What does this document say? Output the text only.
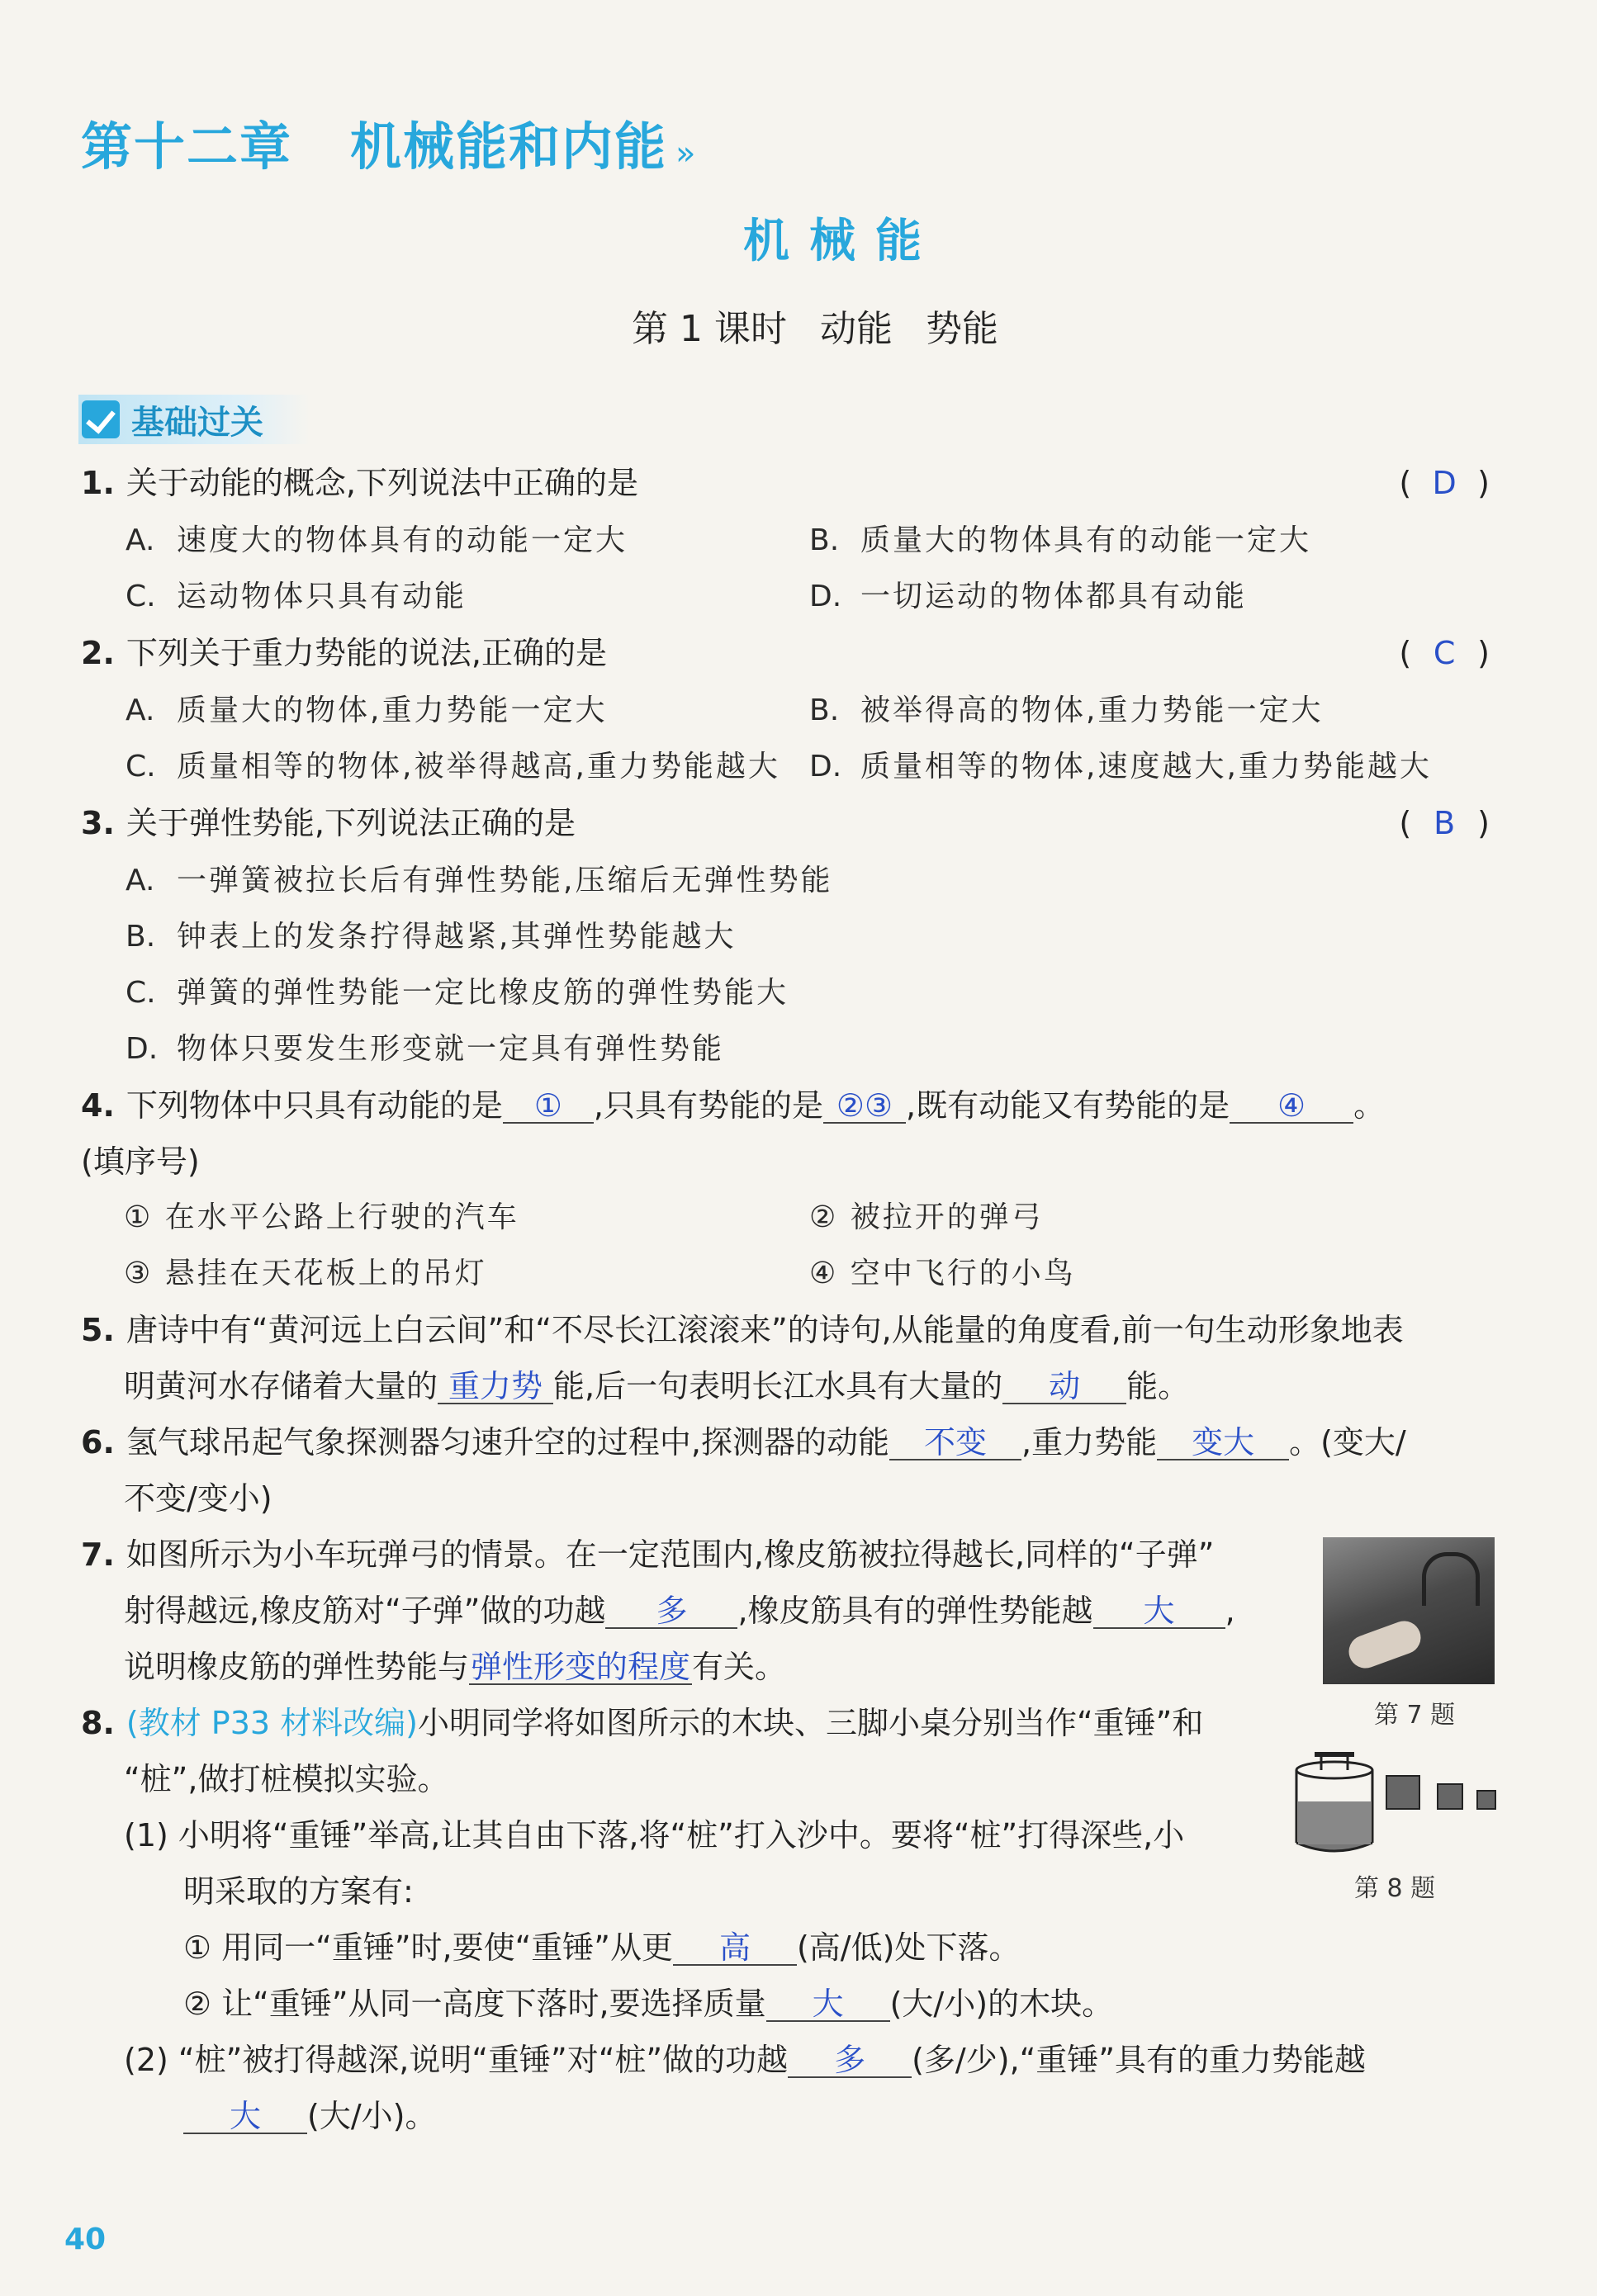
第十二章 机械能和内能 »
机械能
第 1 课时 动能 势能
基础过关
1. 关于动能的概念,下列说法中正确的是	( D )
A. 速度大的物体具有的动能一定大	B. 质量大的物体具有的动能一定大
C. 运动物体只具有动能	D. 一切运动的物体都具有动能
2. 下列关于重力势能的说法,正确的是	( C )
A. 质量大的物体,重力势能一定大	B. 被举得高的物体,重力势能一定大
C. 质量相等的物体,被举得越高,重力势能越大 D. 质量相等的物体,速度越大,重力势能越大
3. 关于弹性势能,下列说法正确的是	( B )
A. 一弹簧被拉长后有弹性势能,压缩后无弹性势能
B. 钟表上的发条拧得越紧,其弹性势能越大
C. 弹簧的弹性势能一定比橡皮筋的弹性势能大
D. 物体只要发生形变就一定具有弹性势能
4. 下列物体中只具有动能的是 ① ,只具有势能的是 ②③ ,既有动能又有势能的是 ④ 。
(填序号)
① 在水平公路上行驶的汽车	② 被拉开的弹弓
③ 悬挂在天花板上的吊灯	④ 空中飞行的小鸟
5. 唐诗中有“黄河远上白云间”和“不尽长江滚滚来”的诗句,从能量的角度看,前一句生动形象地表
明黄河水存储着大量的 重力势 能,后一句表明长江水具有大量的 动 能。
6. 氢气球吊起气象探测器匀速升空的过程中,探测器的动能 不变 ,重力势能 变大 。(变大/
不变/变小)
7. 如图所示为小车玩弹弓的情景。在一定范围内,橡皮筋被拉得越长,同样的“子弹”
射得越远,橡皮筋对“子弹”做的功越 多 ,橡皮筋具有的弹性势能越 大 ,
说明橡皮筋的弹性势能与弹性形变的程度有关。
第 7 题
8. (教材 P33 材料改编)小明同学将如图所示的木块、三脚小桌分别当作“重锤”和
“桩”,做打桩模拟实验。
(1) 小明将“重锤”举高,让其自由下落,将“桩”打入沙中。要将“桩”打得深些,小
明采取的方案有:
① 用同一“重锤”时,要使“重锤”从更 高 (高/低)处下落。
② 让“重锤”从同一高度下落时,要选择质量 大 (大/小)的木块。
(2) “桩”被打得越深,说明“重锤”对“桩”做的功越 多 (多/少),“重锤”具有的重力势能越
大 (大/小)。
第 8 题
40
